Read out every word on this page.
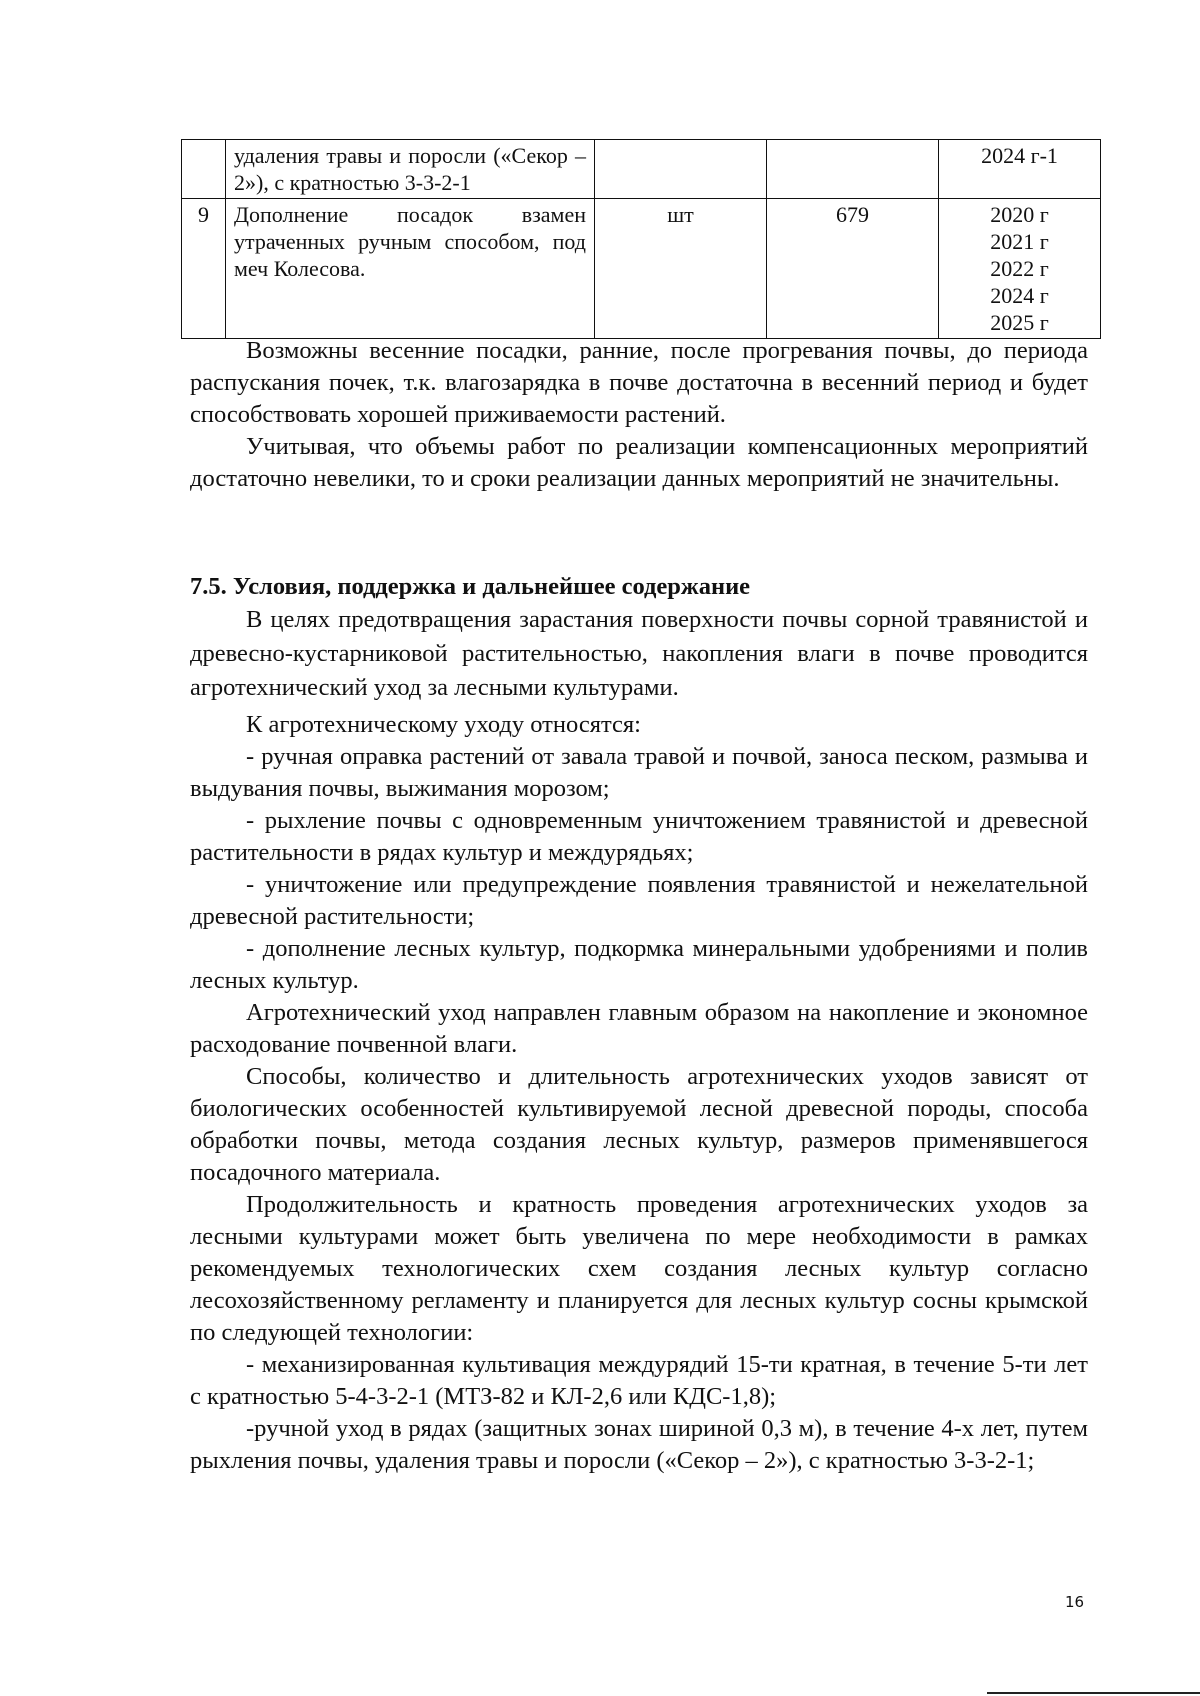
	удаления травы и поросли («Секор – 2»), с кратностью 3-3-2-1			2024 г-1

9	Дополнение посадок взамен утраченных ручным способом, под меч Колесова.	шт	679	2020 г
2021 г
2022 г
2024 г
2025 г

Возможны весенние посадки, ранние, после прогревания почвы, до периода распускания почек, т.к. влагозарядка в почве достаточна в весенний период и будет способствовать хорошей приживаемости растений.

Учитывая, что объемы работ по реализации компенсационных мероприятий достаточно невелики, то и сроки реализации данных мероприятий не значительны.

7.5. Условия, поддержка и дальнейшее содержание

В целях предотвращения зарастания поверхности почвы сорной травянистой и древесно-кустарниковой растительностью, накопления влаги в почве проводится агротехнический уход за лесными культурами.

К агротехническому уходу относятся:

- ручная оправка растений от завала травой и почвой, заноса песком, размыва и выдувания почвы, выжимания морозом;

- рыхление почвы с одновременным уничтожением травянистой и древесной растительности в рядах культур и междурядьях;

- уничтожение или предупреждение появления травянистой и нежелательной древесной растительности;

- дополнение лесных культур, подкормка минеральными удобрениями и полив лесных культур.

Агротехнический уход направлен главным образом на накопление и экономное расходование почвенной влаги.

Способы, количество и длительность агротехнических уходов зависят от биологических особенностей культивируемой лесной древесной породы, способа обработки почвы, метода создания лесных культур, размеров применявшегося посадочного материала.

Продолжительность и кратность проведения агротехнических уходов за лесными культурами может быть увеличена по мере необходимости в рамках рекомендуемых технологических схем создания лесных культур согласно лесохозяйственному регламенту и планируется для лесных культур сосны крымской по следующей технологии:

- механизированная культивация междурядий 15-ти кратная, в течение 5-ти лет с кратностью 5-4-3-2-1 (МТЗ-82 и КЛ-2,6 или КДС-1,8);

-ручной уход в рядах (защитных зонах шириной 0,3 м), в течение 4-х лет, путем рыхления почвы, удаления травы и поросли («Секор – 2»), с кратностью 3-3-2-1;

16
